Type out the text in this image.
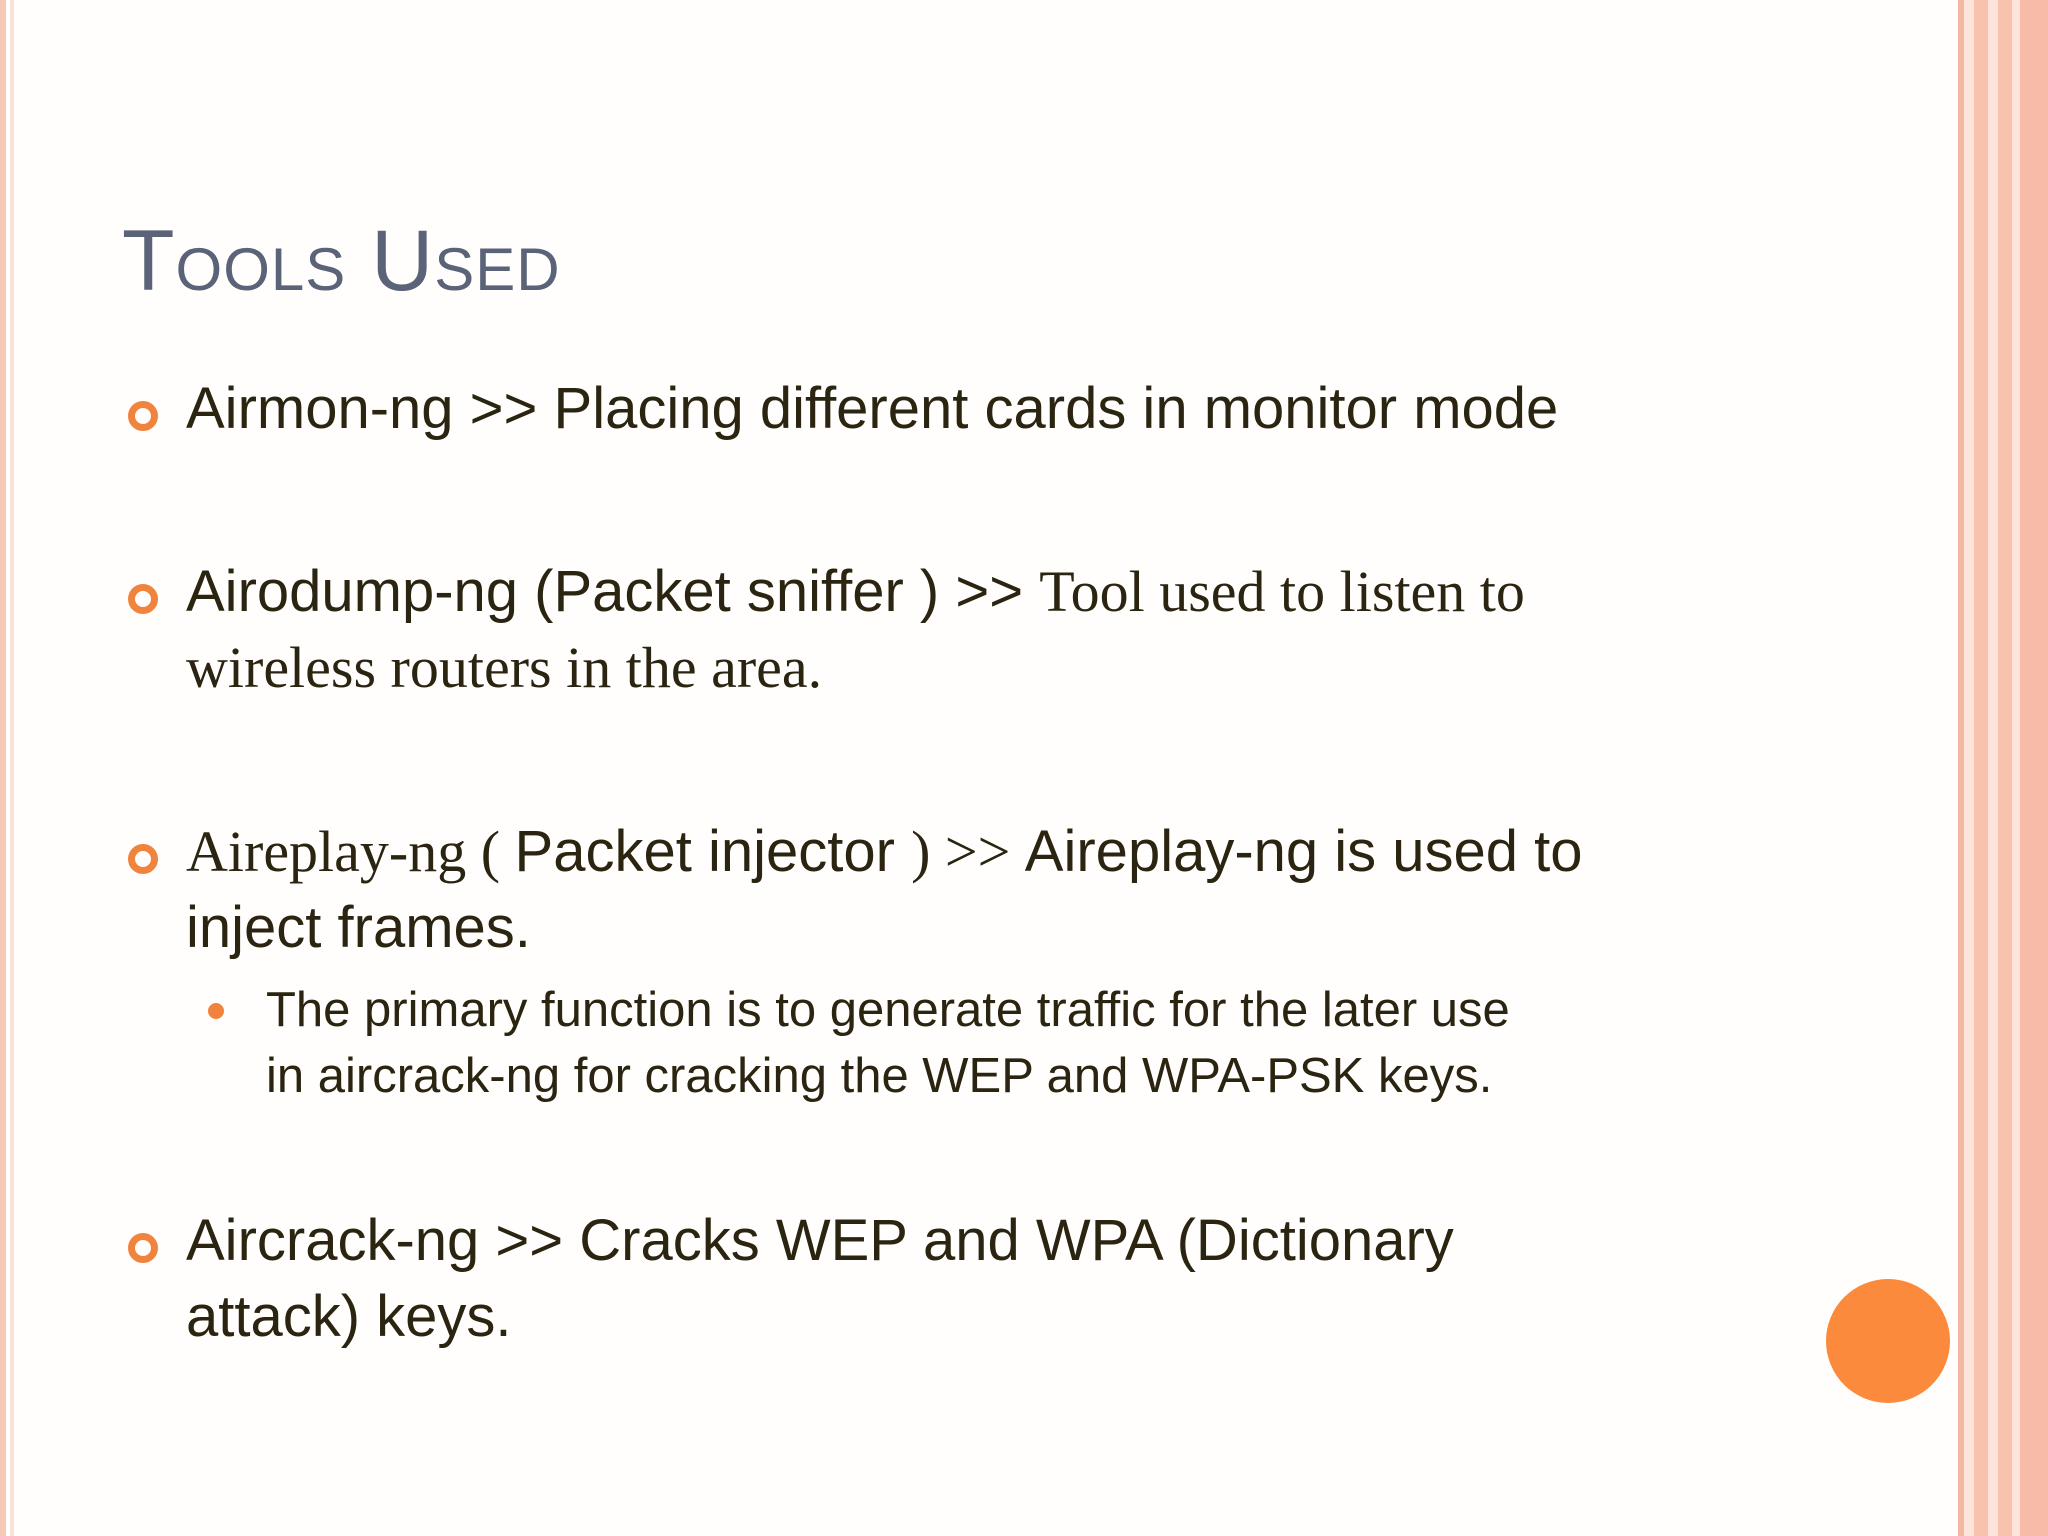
Tools Used
Airmon-ng >> Placing different cards in monitor mode
Airodump-ng (Packet sniffer ) >> Tool used to listen to
wireless routers in the area.
Aireplay-ng ( Packet injector ) >> Aireplay-ng is used to
inject frames.
The primary function is to generate traffic for the later use
in aircrack-ng for cracking the WEP and WPA-PSK keys.
Aircrack-ng >> Cracks WEP and WPA (Dictionary
attack) keys.
